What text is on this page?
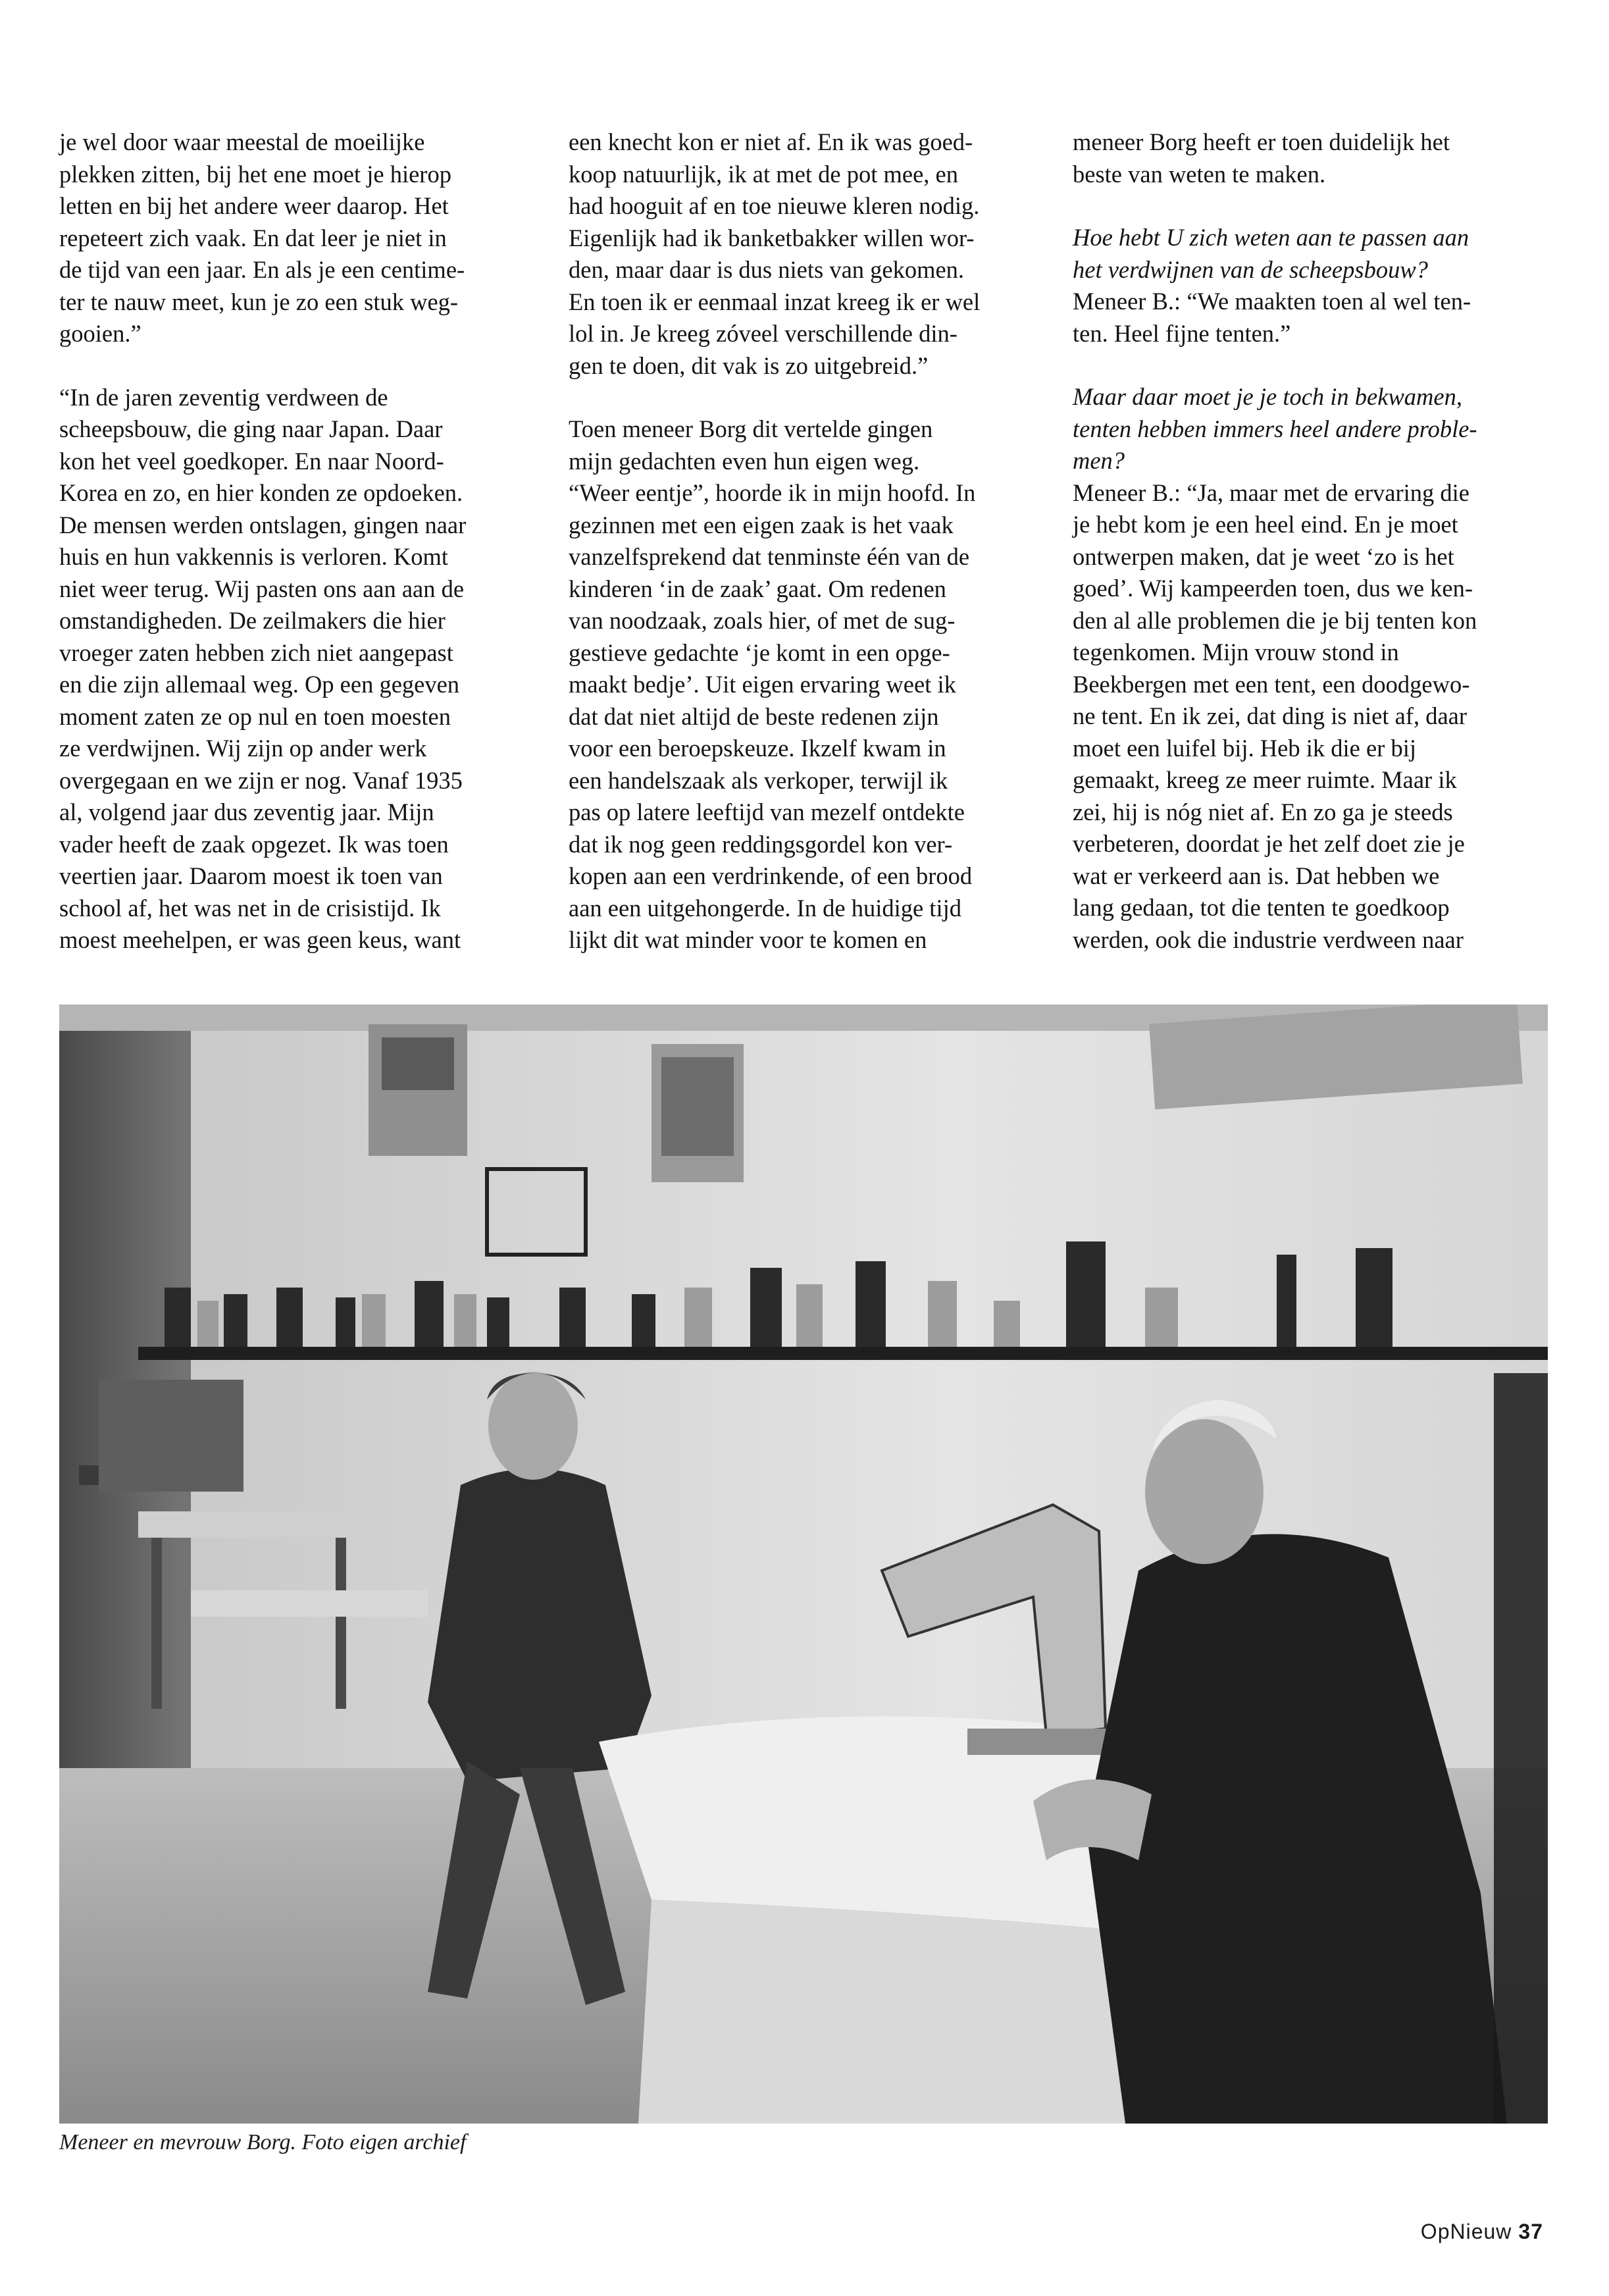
je wel door waar meestal de moeilijke

plekken zitten, bij het ene moet je hierop

letten en bij het andere weer daarop. Het

repeteert zich vaak. En dat leer je niet in

de tijd van een jaar. En als je een centime-

ter te nauw meet, kun je zo een stuk weg-

gooien.”

“In de jaren zeventig verdween de

scheepsbouw, die ging naar Japan. Daar

kon het veel goedkoper. En naar Noord-

Korea en zo, en hier konden ze opdoeken.

De mensen werden ontslagen, gingen naar

huis en hun vakkennis is verloren. Komt

niet weer terug. Wij pasten ons aan aan de

omstandigheden. De zeilmakers die hier

vroeger zaten hebben zich niet aangepast

en die zijn allemaal weg. Op een gegeven

moment zaten ze op nul en toen moesten

ze verdwijnen. Wij zijn op ander werk

overgegaan en we zijn er nog. Vanaf 1935

al, volgend jaar dus zeventig jaar. Mijn

vader heeft de zaak opgezet. Ik was toen

veertien jaar. Daarom moest ik toen van

school af, het was net in de crisistijd. Ik

moest meehelpen, er was geen keus, want

een knecht kon er niet af. En ik was goed-

koop natuurlijk, ik at met de pot mee, en

had hooguit af en toe nieuwe kleren nodig.

Eigenlijk had ik banketbakker willen wor-

den, maar daar is dus niets van gekomen.

En toen ik er eenmaal inzat kreeg ik er wel

lol in. Je kreeg zóveel verschillende din-

gen te doen, dit vak is zo uitgebreid.”

Toen meneer Borg dit vertelde gingen

mijn gedachten even hun eigen weg.

“Weer eentje”, hoorde ik in mijn hoofd. In

gezinnen met een eigen zaak is het vaak

vanzelfsprekend dat tenminste één van de

kinderen ‘in de zaak’ gaat. Om redenen

van noodzaak, zoals hier, of met de sug-

gestieve gedachte ‘je komt in een opge-

maakt bedje’. Uit eigen ervaring weet ik

dat dat niet altijd de beste redenen zijn

voor een beroepskeuze. Ikzelf kwam in

een handelszaak als verkoper, terwijl ik

pas op latere leeftijd van mezelf ontdekte

dat ik nog geen reddingsgordel kon ver-

kopen aan een verdrinkende, of een brood

aan een uitgehongerde. In de huidige tijd

lijkt dit wat minder voor te komen en

meneer Borg heeft er toen duidelijk het

beste van weten te maken.

Hoe hebt U zich weten aan te passen aan

het verdwijnen van de scheepsbouw?

Meneer B.: “We maakten toen al wel ten-

ten. Heel fijne tenten.”

Maar daar moet je je toch in bekwamen,

tenten hebben immers heel andere proble-

men?

Meneer B.: “Ja, maar met de ervaring die

je hebt kom je een heel eind. En je moet

ontwerpen maken, dat je weet ‘zo is het

goed’. Wij kampeerden toen, dus we ken-

den al alle problemen die je bij tenten kon

tegenkomen. Mijn vrouw stond in

Beekbergen met een tent, een doodgewo-

ne tent. En ik zei, dat ding is niet af, daar

moet een luifel bij. Heb ik die er bij

gemaakt, kreeg ze meer ruimte. Maar ik

zei, hij is nóg niet af. En zo ga je steeds

verbeteren, doordat je het zelf doet zie je

wat er verkeerd aan is. Dat hebben we

lang gedaan, tot die tenten te goedkoop

werden, ook die industrie verdween naar

Meneer en mevrouw Borg. Foto eigen archief
OpNieuw 37
